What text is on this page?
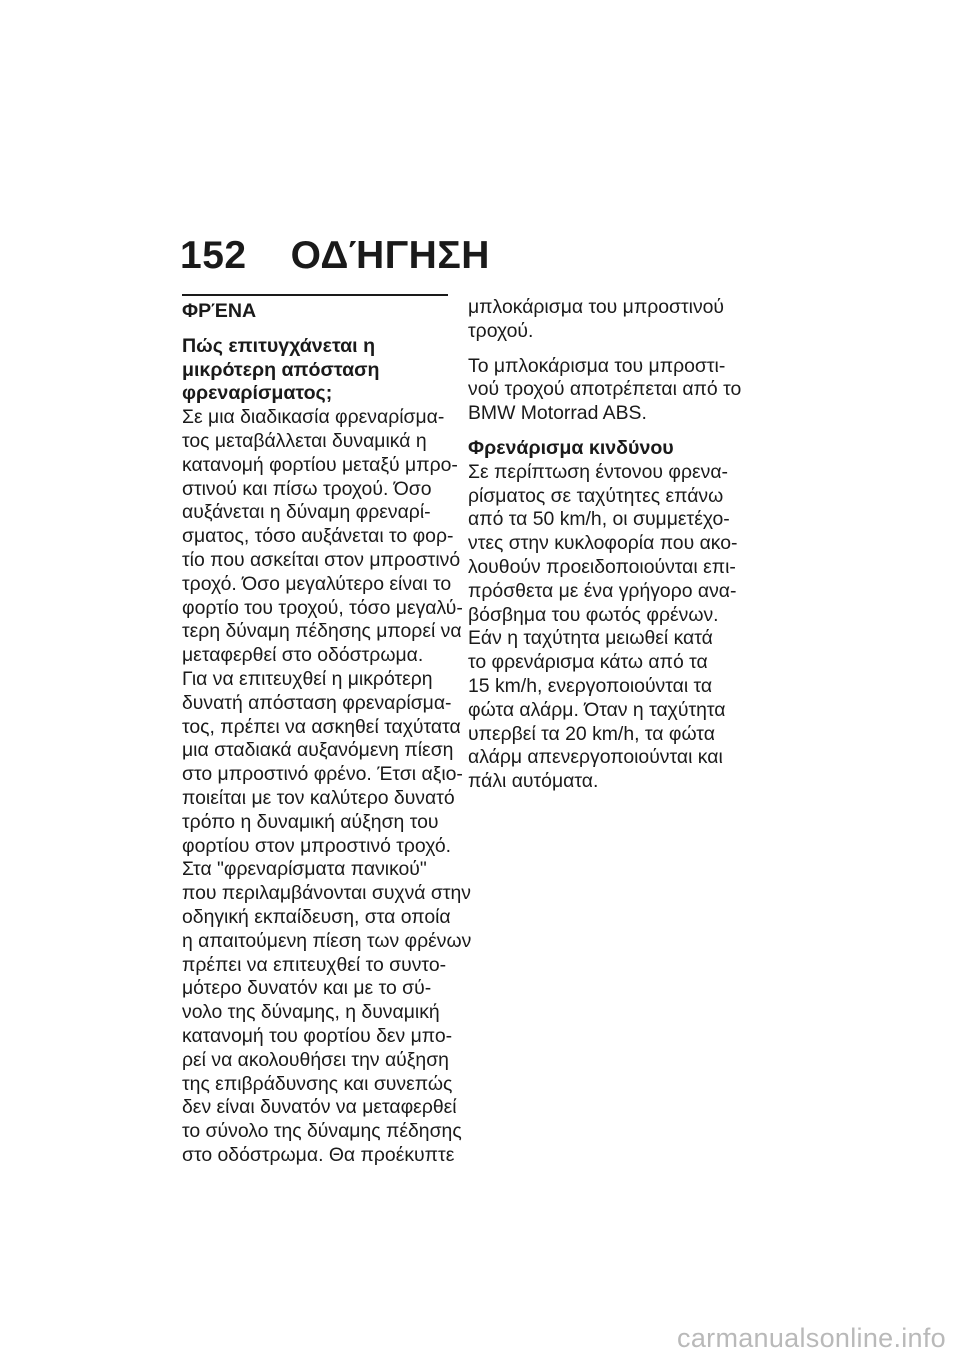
152 ΟΔΉΓΗΣΗ
ΦΡΈΝΑ
Πώς επιτυγχάνεται η
μικρότερη απόσταση
φρεναρίσματος;
Σε μια διαδικασία φρεναρίσμα-
τος μεταβάλλεται δυναμικά η
κατανομή φορτίου μεταξύ μπρο-
στινού και πίσω τροχού. Όσο
αυξάνεται η δύναμη φρεναρί-
σματος, τόσο αυξάνεται το φορ-
τίο που ασκείται στον μπροστινό
τροχό. Όσο μεγαλύτερο είναι το
φορτίο του τροχού, τόσο μεγαλύ-
τερη δύναμη πέδησης μπορεί να
μεταφερθεί στο οδόστρωμα.
Για να επιτευχθεί η μικρότερη
δυνατή απόσταση φρεναρίσμα-
τος, πρέπει να ασκηθεί ταχύτατα
μια σταδιακά αυξανόμενη πίεση
στο μπροστινό φρένο. Έτσι αξιο-
ποιείται με τον καλύτερο δυνατό
τρόπο η δυναμική αύξηση του
φορτίου στον μπροστινό τροχό.
Στα "φρεναρίσματα πανικού"
που περιλαμβάνονται συχνά στην
οδηγική εκπαίδευση, στα οποία
η απαιτούμενη πίεση των φρένων
πρέπει να επιτευχθεί το συντο-
μότερο δυνατόν και με το σύ-
νολο της δύναμης, η δυναμική
κατανομή του φορτίου δεν μπο-
ρεί να ακολουθήσει την αύξηση
της επιβράδυνσης και συνεπώς
δεν είναι δυνατόν να μεταφερθεί
το σύνολο της δύναμης πέδησης
στο οδόστρωμα. Θα προέκυπτε
μπλοκάρισμα του μπροστινού
τροχού.
Το μπλοκάρισμα του μπροστι-
νού τροχού αποτρέπεται από το
BMW Motorrad ABS.
Φρενάρισμα κινδύνου
Σε περίπτωση έντονου φρενα-
ρίσματος σε ταχύτητες επάνω
από τα 50 km/h, οι συμμετέχο-
ντες στην κυκλοφορία που ακο-
λουθούν προειδοποιούνται επι-
πρόσθετα με ένα γρήγορο ανα-
βόσβημα του φωτός φρένων.
Εάν η ταχύτητα μειωθεί κατά
το φρενάρισμα κάτω από τα
15 km/h, ενεργοποιούνται τα
φώτα αλάρμ. Όταν η ταχύτητα
υπερβεί τα 20 km/h, τα φώτα
αλάρμ απενεργοποιούνται και
πάλι αυτόματα.
carmanualsonline.info
